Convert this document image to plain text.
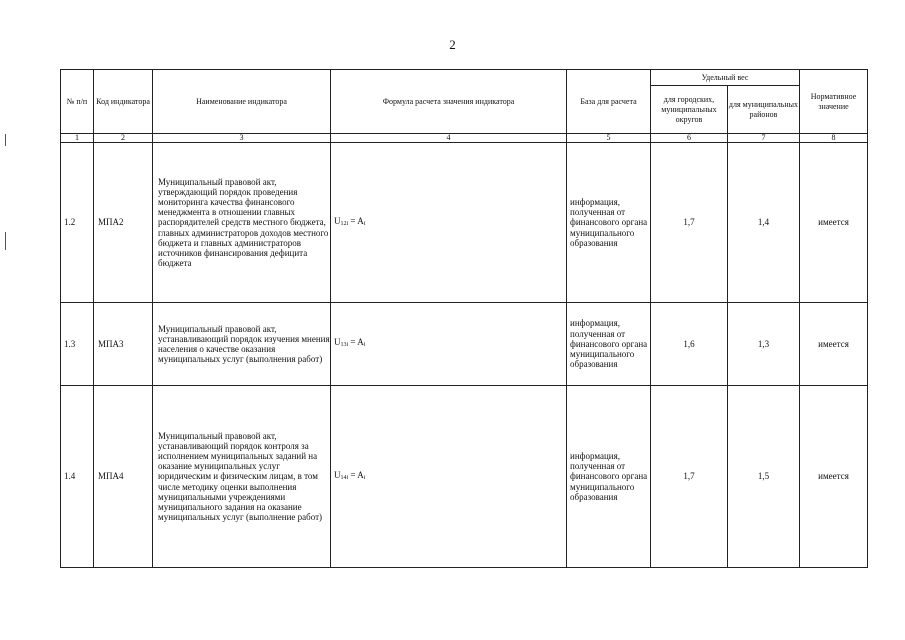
2
№ п/п	Код индикатора	Наименование индикатора	Формула расчета значения индикатора	База для расчета	Удельный вес		Нормативное значение
					для городских, муниципальных округов	для муниципальных районов	
1	2	3	4	5	6	7	8
1.2	МПА2	Муниципальный правовой акт, утверждающий порядок проведения мониторинга качества финансового менеджмента в отношении главных распорядителей средств местного бюджета, главных администраторов доходов местного бюджета и главных администраторов источников финансирования дефицита бюджета	U12i = Ai	информация, полученная от финансового органа муниципального образования	1,7	1,4	имеется
1.3	МПА3	Муниципальный правовой акт, устанавливающий порядок изучения мнения населения о качестве оказания муниципальных услуг (выполнения работ)	U13i = Ai	информация, полученная от финансового органа муниципального образования	1,6	1,3	имеется
1.4	МПА4	Муниципальный правовой акт, устанавливающий порядок контроля за исполнением муниципальных заданий на оказание муниципальных услуг юридическим и физическим лицам, в том числе методику оценки выполнения муниципальными учреждениями муниципального задания на оказание муниципальных услуг (выполнение работ)	U14i = Ai	информация, полученная от финансового органа муниципального образования	1,7	1,5	имеется
